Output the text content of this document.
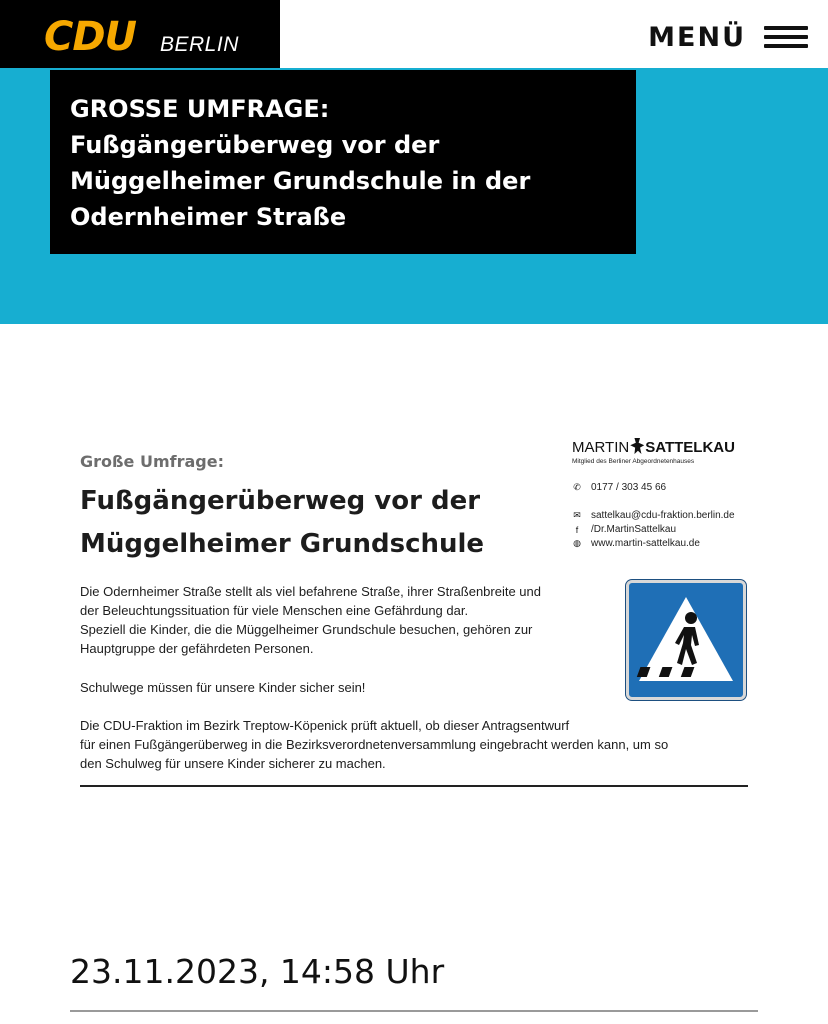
CDU BERLIN	MENÜ
GROSSE UMFRAGE:
Fußgängerüberweg vor der
Müggelheimer Grundschule in der
Odernheimer Straße
Große Umfrage:
Fußgängerüberweg vor der
Müggelheimer Grundschule
MARTIN SATTELKAU
Mitglied des Berliner Abgeordnetenhauses
✆ 0177 / 303 45 66
✉ sattelkau@cdu-fraktion.berlin.de
f	/Dr.MartinSattelkau
◍ www.martin-sattelkau.de
Die Odernheimer Straße stellt als viel befahrene Straße, ihrer Straßenbreite und
der Beleuchtungssituation für viele Menschen eine Gefährdung dar.
Speziell die Kinder, die die Müggelheimer Grundschule besuchen, gehören zur
Hauptgruppe der gefährdeten Personen.
Schulwege müssen für unsere Kinder sicher sein!
Die CDU-Fraktion im Bezirk Treptow-Köpenick prüft aktuell, ob dieser Antragsentwurf
für einen Fußgängerüberweg in die Bezirksverordnetenversammlung eingebracht werden kann, um so
den Schulweg für unsere Kinder sicherer zu machen.
23.11.2023, 14:58 Uhr
